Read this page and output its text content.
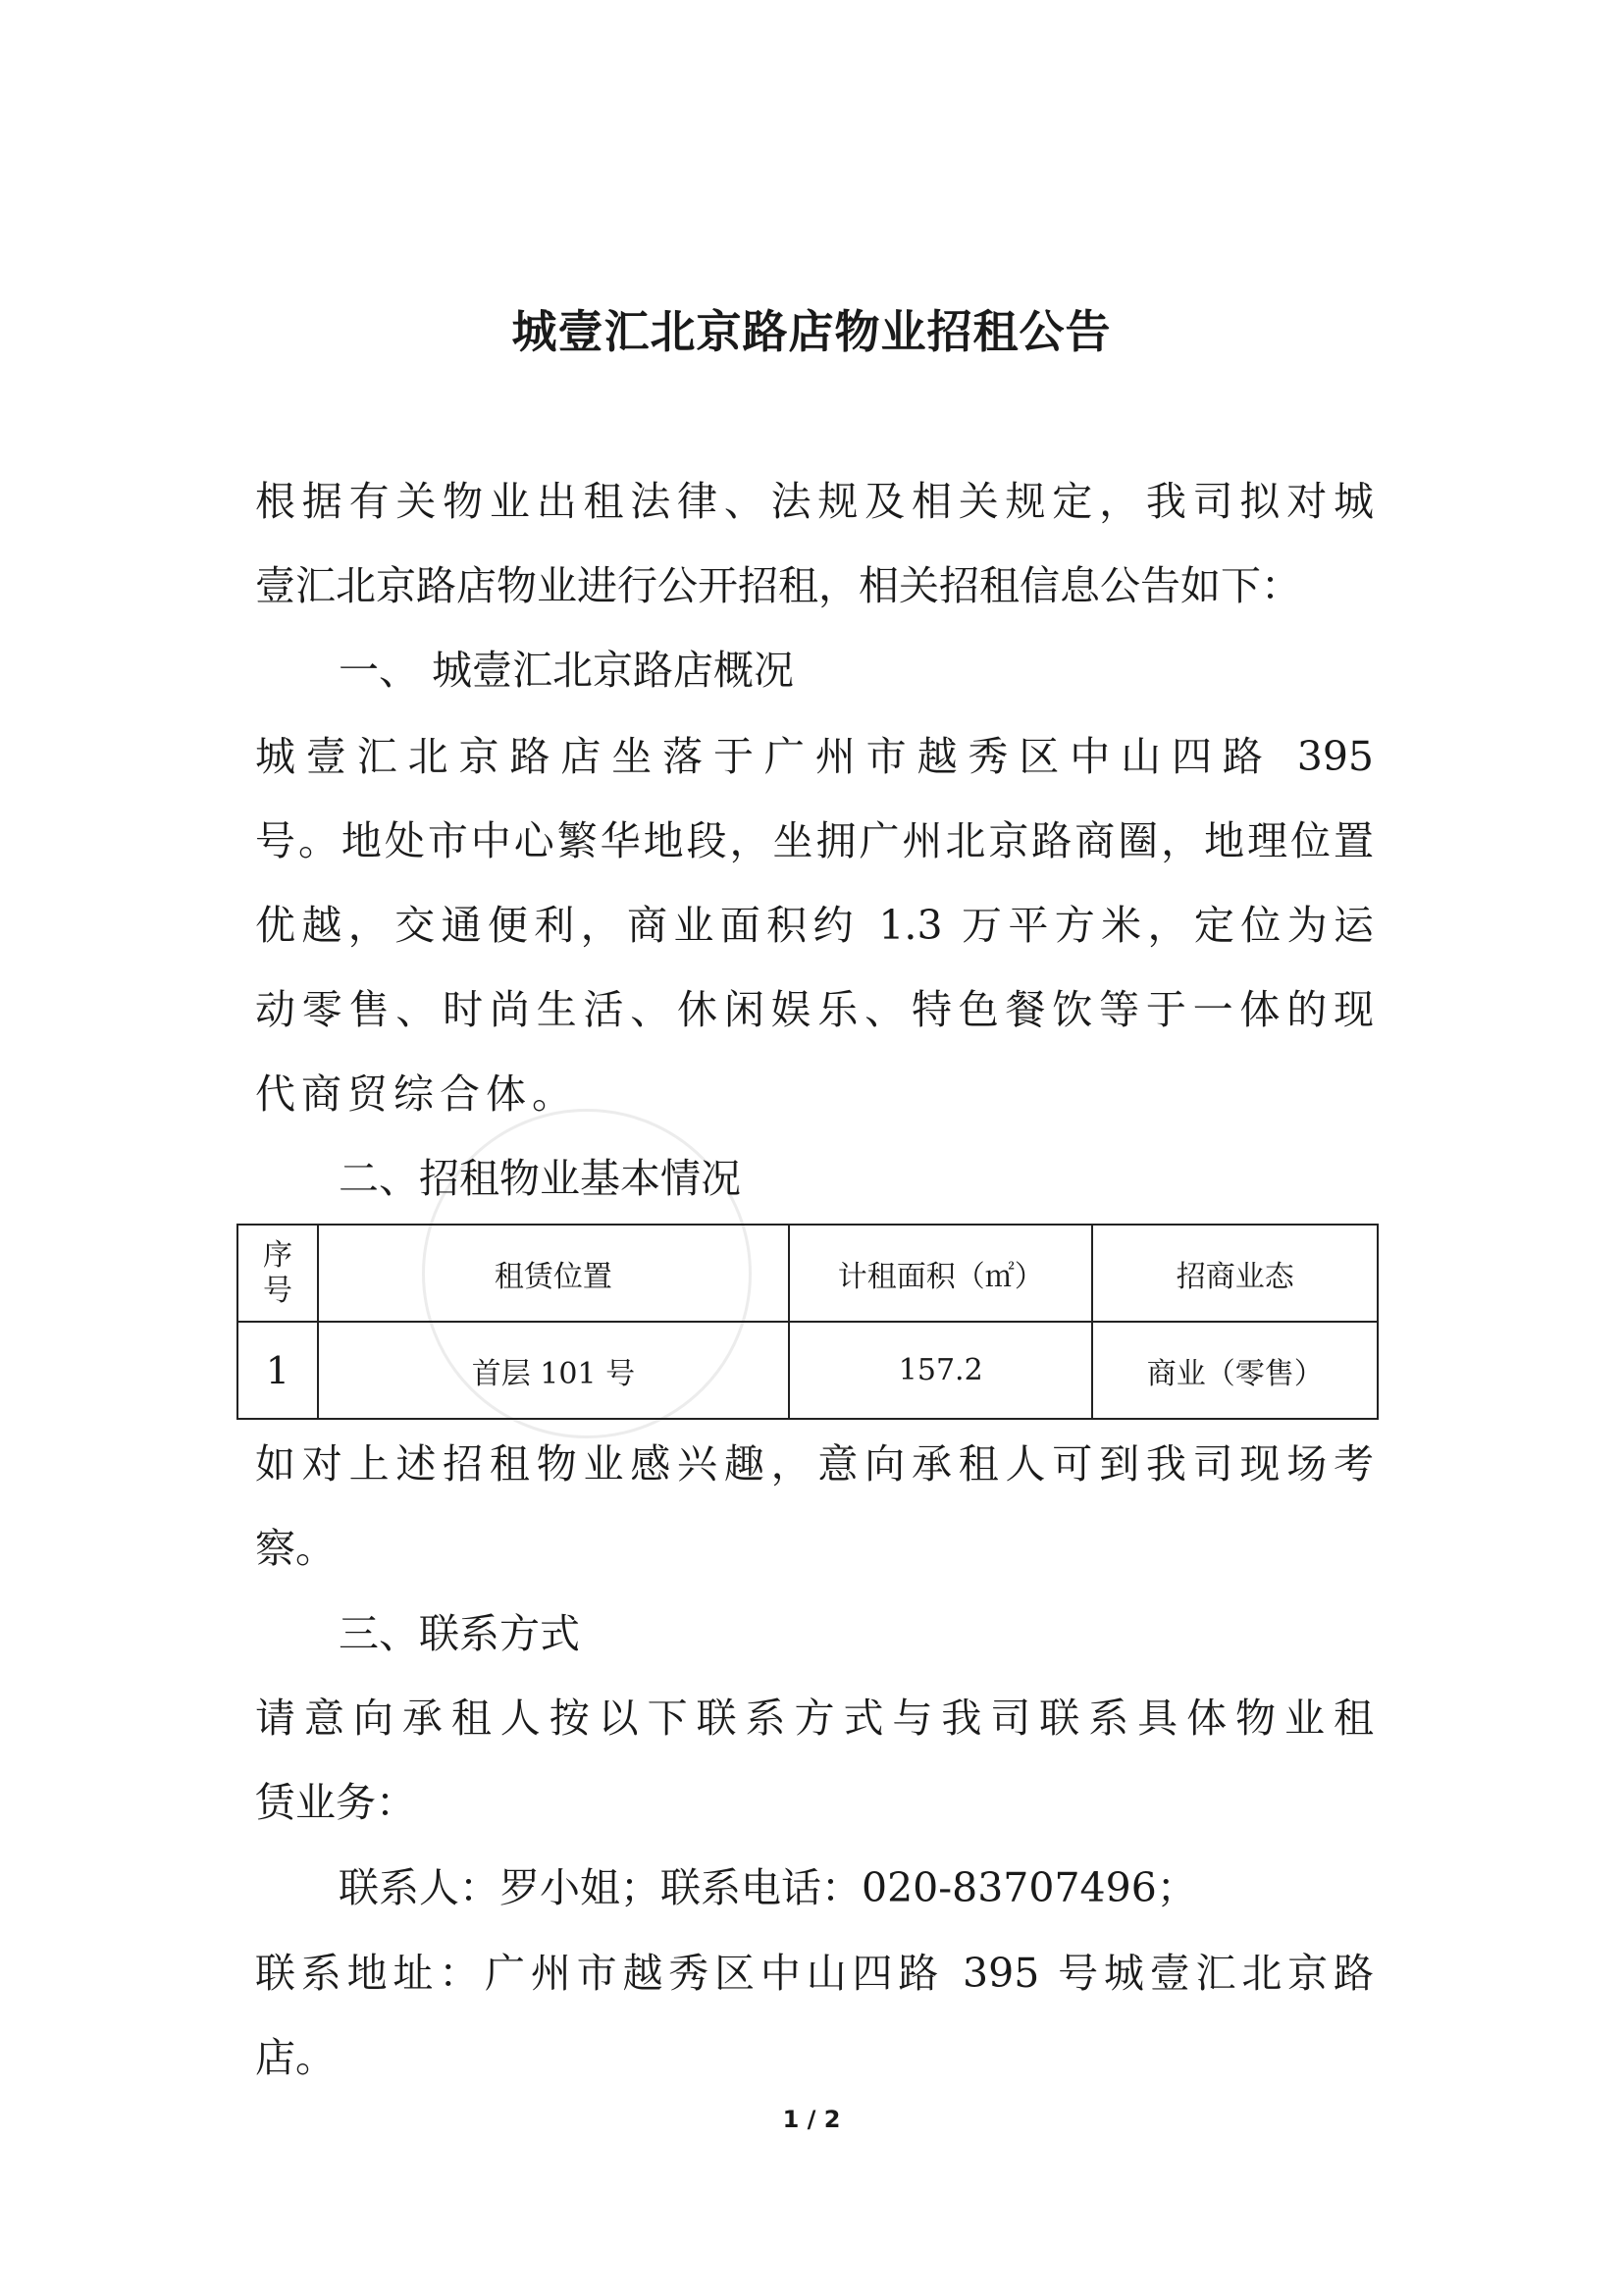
城壹汇北京路店物业招租公告
根据有关物业出租法律、法规及相关规定，我司拟对城
壹汇北京路店物业进行公开招租，相关招租信息公告如下：
一、 城壹汇北京路店概况
城壹汇北京路店坐落于广州市越秀区中山四路 395
号。地处市中心繁华地段，坐拥广州北京路商圈，地理位置
优越，交通便利，商业面积约 1.3 万平方米，定位为运
动零售、时尚生活、休闲娱乐、特色餐饮等于一体的现
代商贸综合体。
二、招租物业基本情况
序号	租赁位置	计租面积（㎡）	招商业态
1	首层 101 号	157.2	商业（零售）
如对上述招租物业感兴趣，意向承租人可到我司现场考
察。
三、联系方式
请意向承租人按以下联系方式与我司联系具体物业租
赁业务：
联系人：罗小姐；联系电话：020-83707496；
联系地址：广州市越秀区中山四路 395 号城壹汇北京路
店。
1 / 2
